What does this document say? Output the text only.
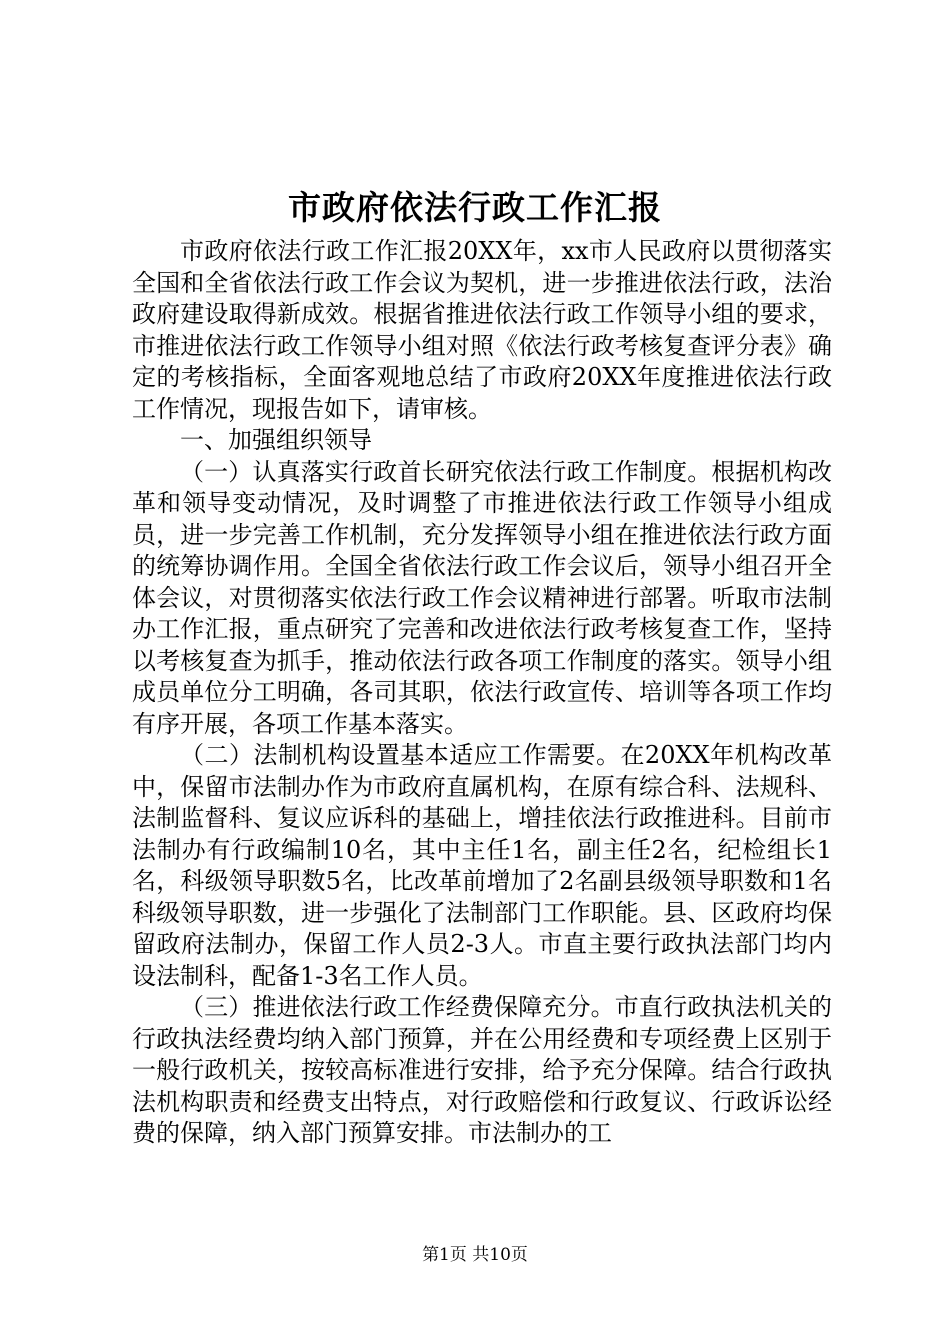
市政府依法行政工作汇报

市政府依法行政工作汇报20XX年，xx市人民政府以贯彻落实全国和全省依法行政工作会议为契机，进一步推进依法行政，法治政府建设取得新成效。根据省推进依法行政工作领导小组的要求，市推进依法行政工作领导小组对照《依法行政考核复查评分表》确定的考核指标，全面客观地总结了市政府20XX年度推进依法行政工作情况，现报告如下，请审核。

一、加强组织领导

（一）认真落实行政首长研究依法行政工作制度。根据机构改革和领导变动情况，及时调整了市推进依法行政工作领导小组成员，进一步完善工作机制，充分发挥领导小组在推进依法行政方面的统筹协调作用。全国全省依法行政工作会议后，领导小组召开全体会议，对贯彻落实依法行政工作会议精神进行部署。听取市法制办工作汇报，重点研究了完善和改进依法行政考核复查工作，坚持以考核复查为抓手，推动依法行政各项工作制度的落实。领导小组成员单位分工明确，各司其职，依法行政宣传、培训等各项工作均有序开展，各项工作基本落实。

（二）法制机构设置基本适应工作需要。在20XX年机构改革中，保留市法制办作为市政府直属机构，在原有综合科、法规科、法制监督科、复议应诉科的基础上，增挂依法行政推进科。目前市法制办有行政编制10名，其中主任1名，副主任2名，纪检组长1名，科级领导职数5名，比改革前增加了2名副县级领导职数和1名科级领导职数，进一步强化了法制部门工作职能。县、区政府均保留政府法制办，保留工作人员2-3人。市直主要行政执法部门均内设法制科，配备1-3名工作人员。

（三）推进依法行政工作经费保障充分。市直行政执法机关的行政执法经费均纳入部门预算，并在公用经费和专项经费上区别于一般行政机关，按较高标准进行安排，给予充分保障。结合行政执法机构职责和经费支出特点，对行政赔偿和行政复议、行政诉讼经费的保障，纳入部门预算安排。市法制办的工

第1页 共10页
